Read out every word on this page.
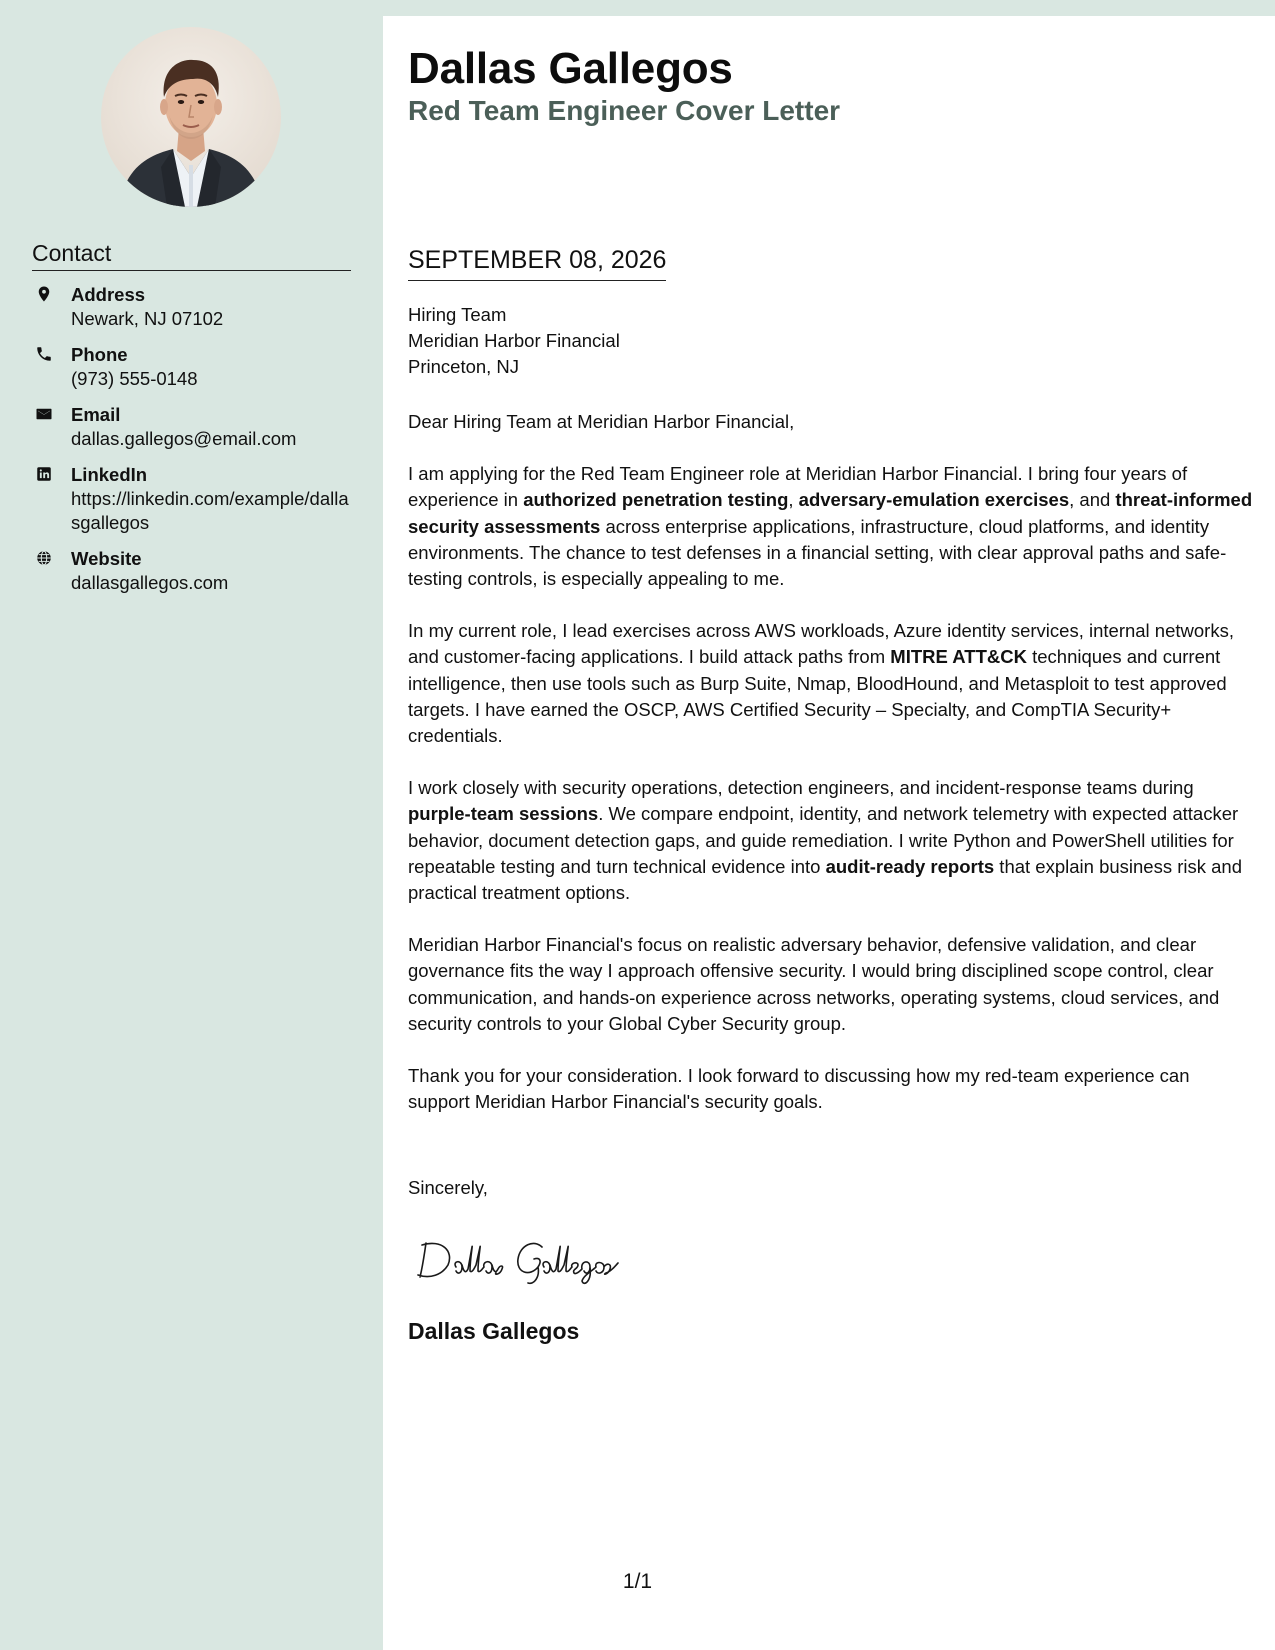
Contact
Address
Newark, NJ 07102
Phone
(973) 555-0148
Email
dallas.gallegos@email.com
LinkedIn
https://linkedin.com/example/dallasgallegos
Website
dallasgallegos.com
Dallas Gallegos
Red Team Engineer Cover Letter
SEPTEMBER 08, 2026
Hiring Team
Meridian Harbor Financial
Princeton, NJ

Dear Hiring Team at Meridian Harbor Financial,

I am applying for the Red Team Engineer role at Meridian Harbor Financial. I bring four years of experience in authorized penetration testing, adversary-emulation exercises, and threat-informed security assessments across enterprise applications, infrastructure, cloud platforms, and identity environments. The chance to test defenses in a financial setting, with clear approval paths and safe-testing controls, is especially appealing to me.

In my current role, I lead exercises across AWS workloads, Azure identity services, internal networks, and customer-facing applications. I build attack paths from MITRE ATT&CK techniques and current intelligence, then use tools such as Burp Suite, Nmap, BloodHound, and Metasploit to test approved targets. I have earned the OSCP, AWS Certified Security – Specialty, and CompTIA Security+ credentials.

I work closely with security operations, detection engineers, and incident-response teams during purple-team sessions. We compare endpoint, identity, and network telemetry with expected attacker behavior, document detection gaps, and guide remediation. I write Python and PowerShell utilities for repeatable testing and turn technical evidence into audit-ready reports that explain business risk and practical treatment options.

Meridian Harbor Financial's focus on realistic adversary behavior, defensive validation, and clear governance fits the way I approach offensive security. I would bring disciplined scope control, clear communication, and hands-on experience across networks, operating systems, cloud services, and security controls to your Global Cyber Security group.

Thank you for your consideration. I look forward to discussing how my red-team experience can support Meridian Harbor Financial's security goals.

Sincerely,
Dallas Gallegos
1/1
